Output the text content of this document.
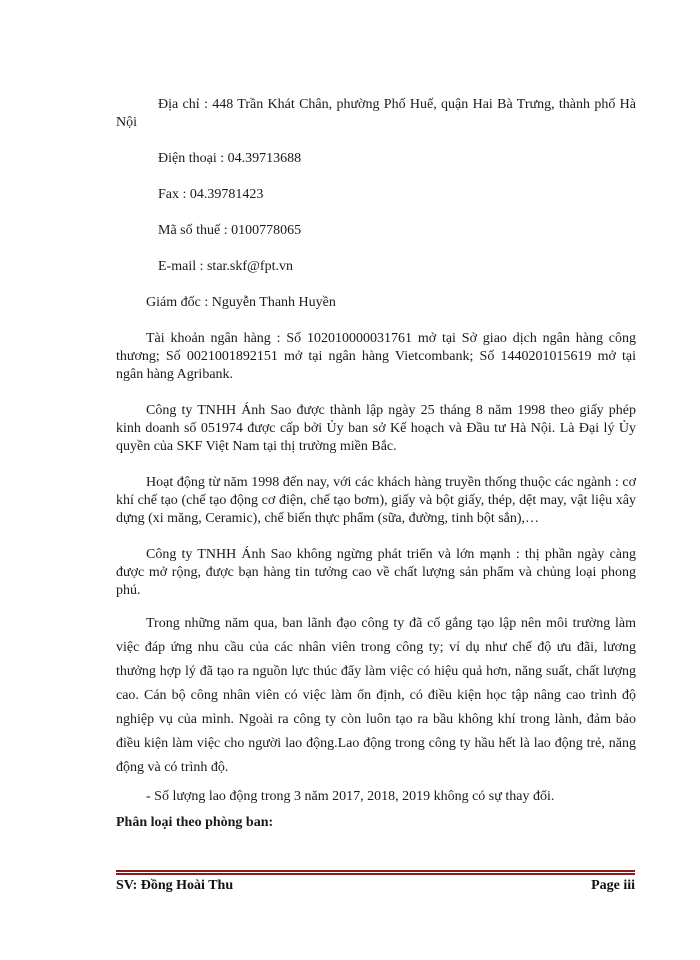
Địa chỉ : 448 Trần Khát Chân, phường Phố Huế, quận Hai Bà Trưng, thành phố Hà Nội

Điện thoại : 04.39713688

Fax : 04.39781423

Mã số thuế : 0100778065

E-mail : star.skf@fpt.vn

Giám đốc : Nguyễn Thanh Huyền

Tài khoản ngân hàng : Số 102010000031761 mở tại Sở giao dịch ngân hàng công thương; Số 0021001892151 mở tại ngân hàng Vietcombank; Số 1440201015619 mở tại ngân hàng Agribank.

Công ty TNHH Ánh Sao được thành lập ngày 25 tháng 8 năm 1998 theo giấy phép kinh doanh số 051974 được cấp bởi Ủy ban sở Kế hoạch và Đầu tư Hà Nội. Là Đại lý Ủy quyền của SKF Việt Nam tại thị trường miền Bắc.

Hoạt động từ năm 1998 đến nay, với các khách hàng truyền thống thuộc các ngành : cơ khí chế tạo (chế tạo động cơ điện, chế tạo bơm), giấy và bột giấy, thép, dệt may, vật liệu xây dựng (xi măng, Ceramic), chế biến thực phẩm (sữa, đường, tinh bột sắn),…

Công ty TNHH Ánh Sao không ngừng phát triển và lớn mạnh : thị phần ngày càng được mở rộng, được bạn hàng tin tưởng cao về chất lượng sản phẩm và chủng loại phong phú.

Trong những năm qua, ban lãnh đạo công ty đã cố gắng tạo lập nên môi trường làm việc đáp ứng nhu cầu của các nhân viên trong công ty; ví dụ như chế độ ưu đãi, lương thưởng hợp lý đã tạo ra nguồn lực thúc đẩy làm việc có hiệu quả hơn, năng suất, chất lượng cao. Cán bộ công nhân viên có việc làm ổn định, có điều kiện học tập nâng cao trình độ nghiệp vụ của mình. Ngoài ra công ty còn luôn tạo ra bầu không khí trong lành, đảm bảo điều kiện làm việc cho người lao động.Lao động trong công ty hầu hết là lao động trẻ, năng động và có trình độ.

- Số lượng lao động trong 3 năm 2017, 2018, 2019 không có sự thay đổi.

Phân loại theo phòng ban:

SV: Đồng Hoài Thu	Page iii
